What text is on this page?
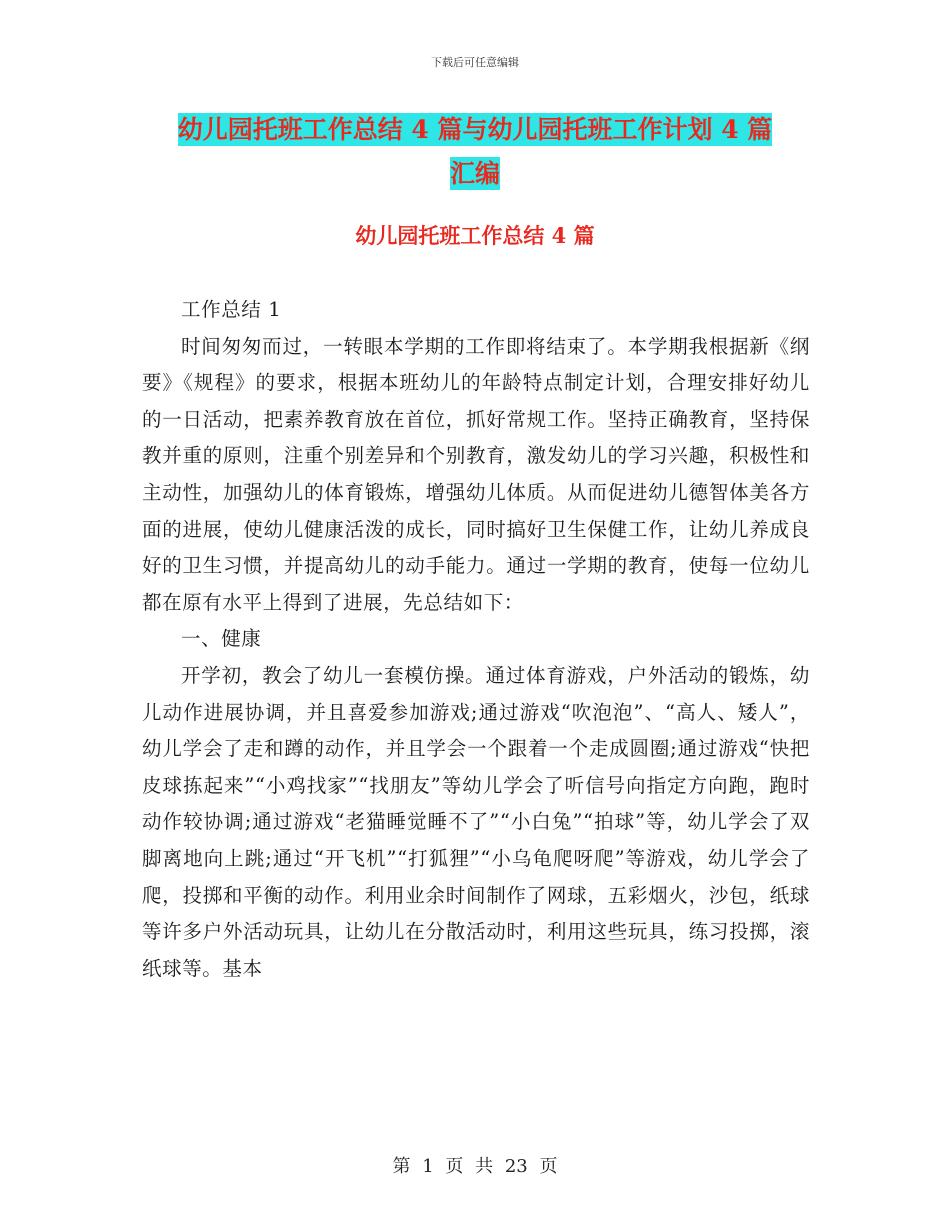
下载后可任意编辑
幼儿园托班工作总结 4 篇与幼儿园托班工作计划 4 篇
汇编
幼儿园托班工作总结 4 篇

工作总结 1

时间匆匆而过，一转眼本学期的工作即将结束了。本学期我根据新《纲要》《规程》的要求，根据本班幼儿的年龄特点制定计划，合理安排好幼儿的一日活动，把素养教育放在首位，抓好常规工作。坚持正确教育，坚持保教并重的原则，注重个别差异和个别教育，激发幼儿的学习兴趣，积极性和主动性，加强幼儿的体育锻炼，增强幼儿体质。从而促进幼儿德智体美各方面的进展，使幼儿健康活泼的成长，同时搞好卫生保健工作，让幼儿养成良好的卫生习惯，并提高幼儿的动手能力。通过一学期的教育，使每一位幼儿都在原有水平上得到了进展，先总结如下：

一、健康

开学初，教会了幼儿一套模仿操。通过体育游戏，户外活动的锻炼，幼儿动作进展协调，并且喜爱参加游戏;通过游戏“吹泡泡”、“高人、矮人”， 幼儿学会了走和蹲的动作，并且学会一个跟着一个走成圆圈;通过游戏“快把皮球拣起来”“小鸡找家”“找朋友”等幼儿学会了听信号向指定方向跑，跑时动作较协调;通过游戏“老猫睡觉睡不了”“小白兔”“拍球”等，幼儿学会了双脚离地向上跳;通过“开飞机”“打狐狸”“小乌龟爬呀爬”等游戏，幼儿学会了爬，投掷和平衡的动作。利用业余时间制作了网球，五彩烟火，沙包，纸球等许多户外活动玩具，让幼儿在分散活动时，利用这些玩具，练习投掷，滚纸球等。基本

第 1 页 共 23 页
